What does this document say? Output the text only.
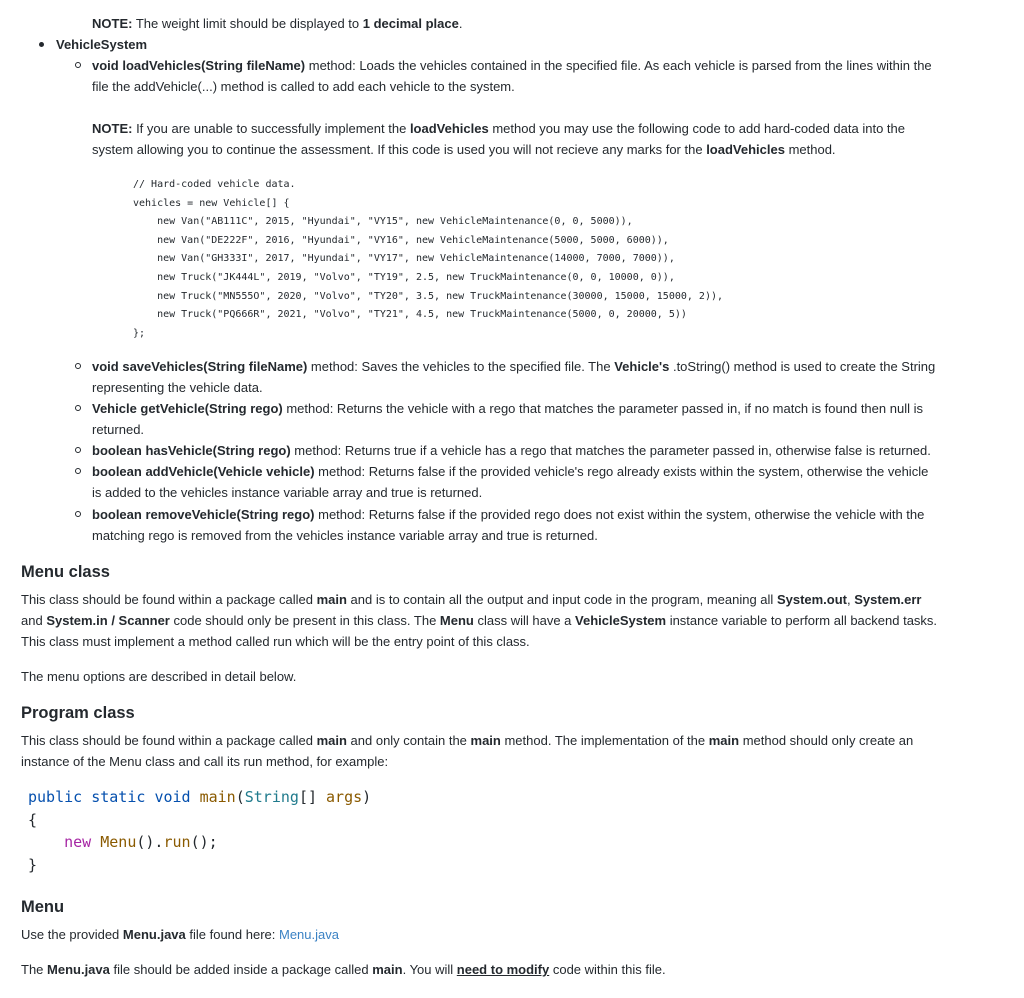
NOTE: The weight limit should be displayed to 1 decimal place.
VehicleSystem
void loadVehicles(String fileName) method: Loads the vehicles contained in the specified file. As each vehicle is parsed from the lines within the
file the addVehicle(...) method is called to add each vehicle to the system.
NOTE: If you are unable to successfully implement the loadVehicles method you may use the following code to add hard-coded data into the
system allowing you to continue the assessment. If this code is used you will not recieve any marks for the loadVehicles method.
// Hard-coded vehicle data.
vehicles = new Vehicle[] {
new Van("AB111C", 2015, "Hyundai", "VY15", new VehicleMaintenance(0, 0, 5000)),
new Van("DE222F", 2016, "Hyundai", "VY16", new VehicleMaintenance(5000, 5000, 6000)),
new Van("GH333I", 2017, "Hyundai", "VY17", new VehicleMaintenance(14000, 7000, 7000)),
new Truck("JK444L", 2019, "Volvo", "TY19", 2.5, new TruckMaintenance(0, 0, 10000, 0)),
new Truck("MN555O", 2020, "Volvo", "TY20", 3.5, new TruckMaintenance(30000, 15000, 15000, 2)),
new Truck("PQ666R", 2021, "Volvo", "TY21", 4.5, new TruckMaintenance(5000, 0, 20000, 5))
};
void saveVehicles(String fileName) method: Saves the vehicles to the specified file. The Vehicle's .toString() method is used to create the String
representing the vehicle data.
Vehicle getVehicle(String rego) method: Returns the vehicle with a rego that matches the parameter passed in, if no match is found then null is
returned.
boolean hasVehicle(String rego) method: Returns true if a vehicle has a rego that matches the parameter passed in, otherwise false is returned.
boolean addVehicle(Vehicle vehicle) method: Returns false if the provided vehicle's rego already exists within the system, otherwise the vehicle
is added to the vehicles instance variable array and true is returned.
boolean removeVehicle(String rego) method: Returns false if the provided rego does not exist within the system, otherwise the vehicle with the
matching rego is removed from the vehicles instance variable array and true is returned.
Menu class

This class should be found within a package called main and is to contain all the output and input code in the program, meaning all System.out, System.err
and System.in / Scanner code should only be present in this class. The Menu class will have a VehicleSystem instance variable to perform all backend tasks.
This class must implement a method called run which will be the entry point of this class.

The menu options are described in detail below.

Program class

This class should be found within a package called main and only contain the main method. The implementation of the main method should only create an
instance of the Menu class and call its run method, for example:

public static void main(String[] args)
{
new Menu().run();
}
Menu

Use the provided Menu.java file found here: Menu.java

The Menu.java file should be added inside a package called main. You will need to modify code within this file.
